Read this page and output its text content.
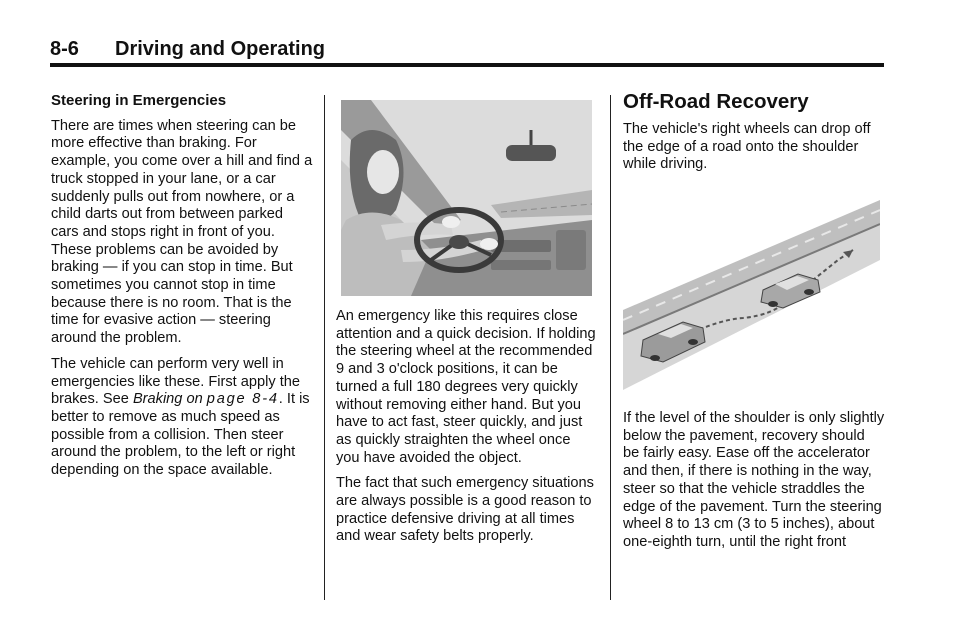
8-6 Driving and Operating

Steering in Emergencies

There are times when steering can be more effective than braking. For example, you come over a hill and find a truck stopped in your lane, or a car suddenly pulls out from nowhere, or a child darts out from between parked cars and stops right in front of you. These problems can be avoided by braking — if you can stop in time. But sometimes you cannot stop in time because there is no room. That is the time for evasive action — steering around the problem.

The vehicle can perform very well in emergencies like these. First apply the brakes. See Braking on page 8-4. It is better to remove as much speed as possible from a collision. Then steer around the problem, to the left or right depending on the space available.

An emergency like this requires close attention and a quick decision. If holding the steering wheel at the recommended 9 and 3 o'clock positions, it can be turned a full 180 degrees very quickly without removing either hand. But you have to act fast, steer quickly, and just as quickly straighten the wheel once you have avoided the object.

The fact that such emergency situations are always possible is a good reason to practice defensive driving at all times and wear safety belts properly.

Off-Road Recovery

The vehicle's right wheels can drop off the edge of a road onto the shoulder while driving.

If the level of the shoulder is only slightly below the pavement, recovery should be fairly easy. Ease off the accelerator and then, if there is nothing in the way, steer so that the vehicle straddles the edge of the pavement. Turn the steering wheel 8 to 13 cm (3 to 5 inches), about one-eighth turn, until the right front
